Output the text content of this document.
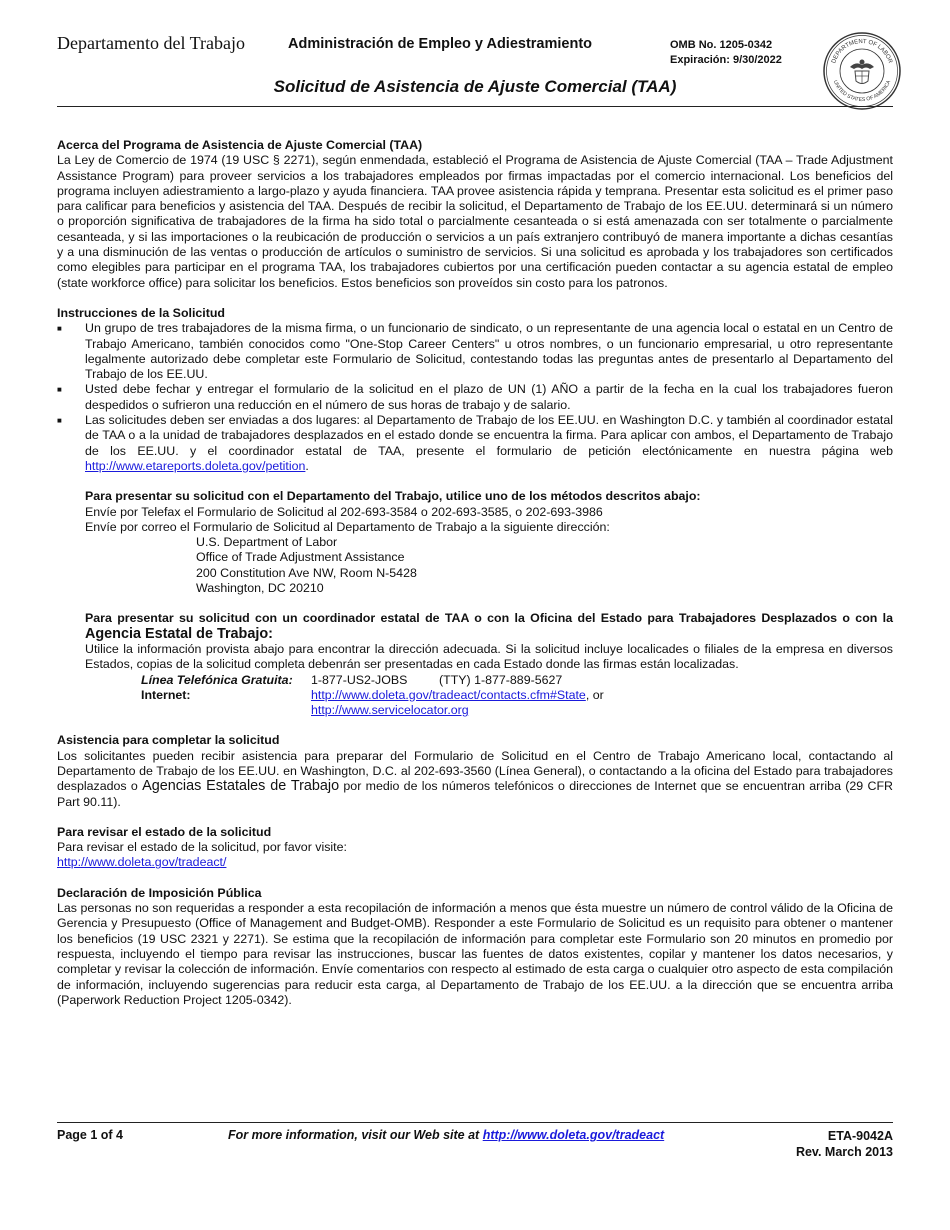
Departamento del Trabajo	Administración de Empleo y Adiestramiento	OMB No. 1205-0342
Expiración: 9/30/2022	DEPARTMENT OF LABOR
UNITED STATES OF AMERICA
Solicitud de Asistencia de Ajuste Comercial (TAA)
Acerca del Programa de Asistencia de Ajuste Comercial (TAA)

La Ley de Comercio de 1974 (19 USC § 2271), según enmendada, estableció el Programa de Asistencia de Ajuste Comercial (TAA – Trade Adjustment Assistance Program) para proveer servicios a los trabajadores empleados por firmas impactadas por el comercio internacional. Los beneficios del programa incluyen adiestramiento a largo-plazo y ayuda financiera. TAA provee asistencia rápida y temprana. Presentar esta solicitud es el primer paso para calificar para beneficios y asistencia del TAA. Después de recibir la solicitud, el Departamento de Trabajo de los EE.UU. determinará si un número o proporción significativa de trabajadores de la firma ha sido total o parcialmente cesanteada o si está amenazada con ser totalmente o parcialmente cesanteada, y si las importaciones o la reubicación de producción o servicios a un país extranjero contribuyó de manera importante a dichas cesantías y a una disminución de las ventas o producción de artículos o suministro de servicios. Si una solicitud es aprobada y los trabajadores son certificados como elegibles para participar en el programa TAA, los trabajadores cubiertos por una certificación pueden contactar a su agencia estatal de empleo (state workforce office) para solicitar los beneficios. Estos beneficios son proveídos sin costo para los patronos.

Instrucciones de la Solicitud
■ Un grupo de tres trabajadores de la misma firma, o un funcionario de sindicato, o un representante de una agencia local o estatal en un Centro de Trabajo Americano, también conocidos como "One-Stop Career Centers" u otros nombres, o un funcionario empresarial, u otro representante legalmente autorizado debe completar este Formulario de Solicitud, contestando todas las preguntas antes de presentarlo al Departamento del Trabajo de los EE.UU.
■ Usted debe fechar y entregar el formulario de la solicitud en el plazo de UN (1) AÑO a partir de la fecha en la cual los trabajadores fueron despedidos o sufrieron una reducción en el número de sus horas de trabajo y de salario.
■ Las solicitudes deben ser enviadas a dos lugares: al Departamento de Trabajo de los EE.UU. en Washington D.C. y también al coordinador estatal de TAA o a la unidad de trabajadores desplazados en el estado donde se encuentra la firma. Para aplicar con ambos, el Departamento de Trabajo de los EE.UU. y el coordinador estatal de TAA, presente el formulario de petición electónicamente en nuestra página web http://www.etareports.doleta.gov/petition.
Para presentar su solicitud con el Departamento del Trabajo, utilice uno de los métodos descritos abajo:
Envíe por Telefax el Formulario de Solicitud al 202-693-3584 o 202-693-3585, o 202-693-3986
Envíe por correo el Formulario de Solicitud al Departamento de Trabajo a la siguiente dirección:
U.S. Department of Labor
Office of Trade Adjustment Assistance
200 Constitution Ave NW, Room N-5428
Washington, DC 20210

Para presentar su solicitud con un coordinador estatal de TAA o con la Oficina del Estado para Trabajadores Desplazados o con la Agencia Estatal de Trabajo:

Utilice la información provista abajo para encontrar la dirección adecuada. Si la solicitud incluye localicades o filiales de la empresa en diversos Estados, copias de la solicitud completa debenrán ser presentadas en cada Estado donde las firmas están localizadas.

Línea Telefónica Gratuita:	1-877-US2-JOBS	(TTY) 1-877-889-5627
Internet:	http://www.doleta.gov/tradeact/contacts.cfm#State, or
http://www.servicelocator.org
Asistencia para completar la solicitud

Los solicitantes pueden recibir asistencia para preparar del Formulario de Solicitud en el Centro de Trabajo Americano local, contactando al Departamento de Trabajo de los EE.UU. en Washington, D.C. al 202-693-3560 (Línea General), o contactando a la oficina del Estado para trabajadores desplazados o Agencias Estatales de Trabajo por medio de los números telefónicos o direcciones de Internet que se encuentran arriba (29 CFR Part 90.11).

Para revisar el estado de la solicitud
Para revisar el estado de la solicitud, por favor visite:
http://www.doleta.gov/tradeact/
Declaración de Imposición Pública

Las personas no son requeridas a responder a esta recopilación de información a menos que ésta muestre un número de control válido de la Oficina de Gerencia y Presupuesto (Office of Management and Budget-OMB). Responder a este Formulario de Solicitud es un requisito para obtener o mantener los beneficios (19 USC 2321 y 2271). Se estima que la recopilación de información para completar este Formulario son 20 minutos en promedio por respuesta, incluyendo el tiempo para revisar las instrucciones, buscar las fuentes de datos existentes, copilar y mantener los datos necesarios, y completar y revisar la colección de información. Envíe comentarios con respecto al estimado de esta carga o cualquier otro aspecto de esta compilación de información, incluyendo sugerencias para reducir esta carga, al Departamento de Trabajo de los EE.UU. a la dirección que se encuentra arriba (Paperwork Reduction Project 1205-0342).

Page 1 of 4	For more information, visit our Web site at http://www.doleta.gov/tradeact	ETA-9042A
Rev. March 2013
